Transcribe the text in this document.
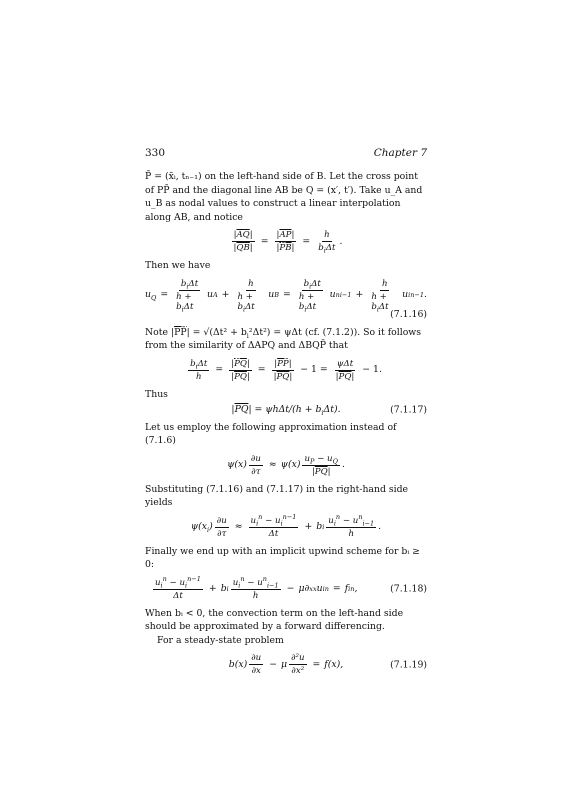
330	Chapter 7

P̄ = (x̄ᵢ, tₙ₋₁) on the left-hand side of B. Let the cross point of PP̄ and the diagonal line AB be Q = (x′, t′). Take u_A and u_B as nodal values to construct a linear interpolation along AB, and notice

$\frac{|\overline{AQ}|}{|\overline{QB}|} = \frac{|\overline{AP}|}{|P̄B|} = \frac{h}{b_i\Delta t}$ .

Then we have

$u_Q = \frac{b_i\Delta t}{h + b_i\Delta t}$ u $A + \frac{h}{h + b_i\Delta t}$ u $B = \frac{b_i\Delta t}{h + b_i\Delta t}$ u n $i-1 + \frac{h}{h + b_i\Delta t}$ u i n−1 .
(7.1.16)

Note |PP̄| = $√(\Delta t^2 + b_i^2\Delta t^2) = \psi\Delta t$ (cf. (7.1.2)). So it follows from the similarity of ΔAPQ and ΔBQP̄ that

$\frac{b_i\Delta t}{h} = \frac{|P̄Q|}{|\overline{PQ}|} = \frac{|PP̄|}{|\overline{PQ}|} - 1 = \frac{\text{ψΔt}}{|\overline{PQ}|} - 1$.

Thus

$|\overline{PQ}| = \psi h\Delta t/(h + b_i\Delta t)$.	(7.1.17)

Let us employ the following approximation instead of (7.1.6)

$\psi(x) \frac{\partial u}{\partial\tau} \approx \psi(x) \frac{u_P - u_Q}{|\overline{PQ}|}$ .

Substituting (7.1.16) and (7.1.17) in the right-hand side yields

$\psi(x_i) \frac{\partial u}{\partial\tau} \approx \frac{u_i^n - u_i^{n-1}}{\Delta t} + b$ i $\frac{u_i^n - u^n_{i-1}}{h}$ .

Finally we end up with an implicit upwind scheme for bᵢ ≥ 0:

$\frac{u_i^n - u_i^{n-1}}{\Delta t} + b$ i $\frac{u_i^n - u^n_{i-1}}{h} - \mu\partial$ xx u i n = f i n ,	(7.1.18)

When bᵢ < 0, the convection term on the left-hand side should be approximated by a forward differencing.

For a steady-state problem

$b(x) \frac{\partial u}{\partial x} - \mu \frac{\text{∂²u}}{\text{∂x²}} = f(x)$,	(7.1.19)
